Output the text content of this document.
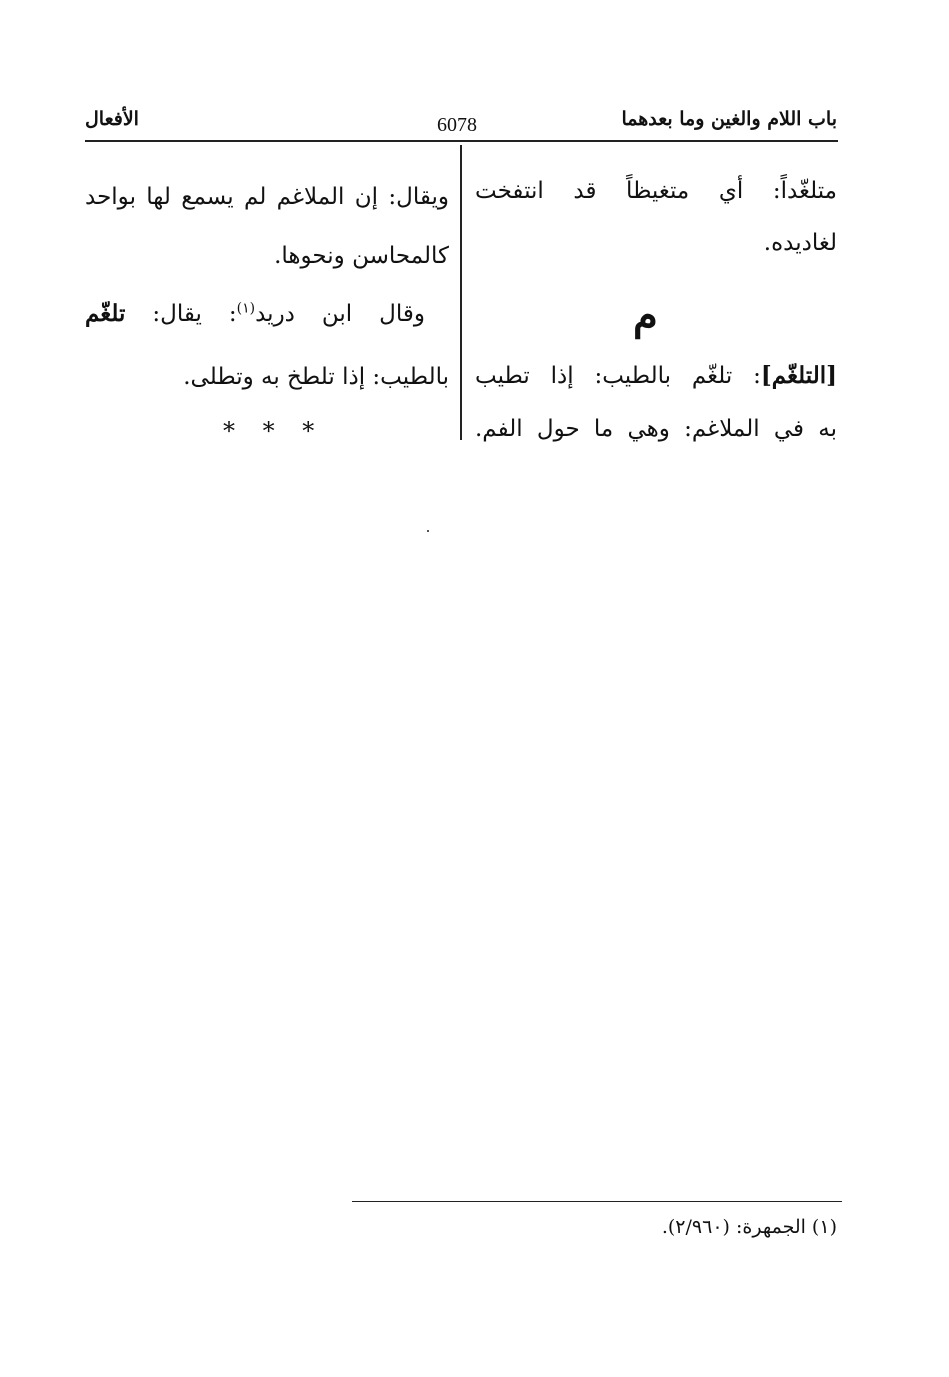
باب اللام والغين وما بعدهما
6078
الأفعال
متلغّداً: أي متغيظاً قد انتفخت
لغاديده.
م
[التلغّم]: تلغّم بالطيب: إذا تطيب
به في الملاغم: وهي ما حول الفم.
ويقال: إن الملاغم لم يسمع لها بواحد
كالمحاسن ونحوها.
وقال ابن دريد$^{(١)}$: يقال: تلغّم
بالطيب: إذا تلطخ به وتطلى.
* * *
(١) الجمهرة: (٢/٩٦٠).
